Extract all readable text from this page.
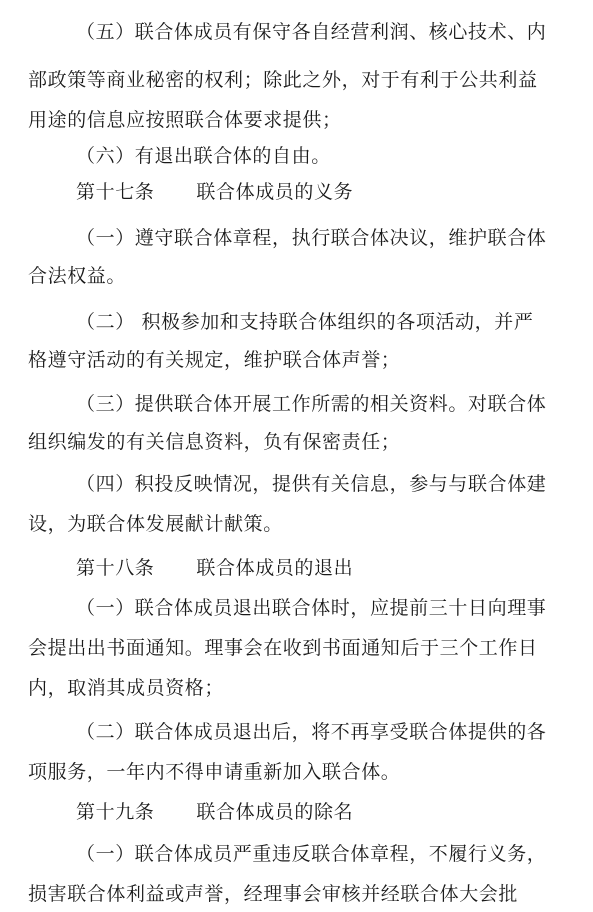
（五）联合体成员有保守各自经营利润、核心技术、内
部政策等商业秘密的权利；除此之外，对于有利于公共利益
用途的信息应按照联合体要求提供；
（六）有退出联合体的自由。
第十七条 联合体成员的义务
（一）遵守联合体章程，执行联合体决议，维护联合体
合法权益。
（二） 积极参加和支持联合体组织的各项活动，并严
格遵守活动的有关规定，维护联合体声誉；
（三）提供联合体开展工作所需的相关资料。对联合体
组织编发的有关信息资料，负有保密责任；
（四）积投反映情况，提供有关信息，参与与联合体建
设，为联合体发展献计献策。
第十八条 联合体成员的退出
（一）联合体成员退出联合体时，应提前三十日向理事
会提出出书面通知。理事会在收到书面通知后于三个工作日
内，取消其成员资格；
（二）联合体成员退出后，将不再享受联合体提供的各
项服务，一年内不得申请重新加入联合体。
第十九条 联合体成员的除名
（一）联合体成员严重违反联合体章程，不履行义务，
损害联合体利益或声誉，经理事会审核并经联合体大会批
